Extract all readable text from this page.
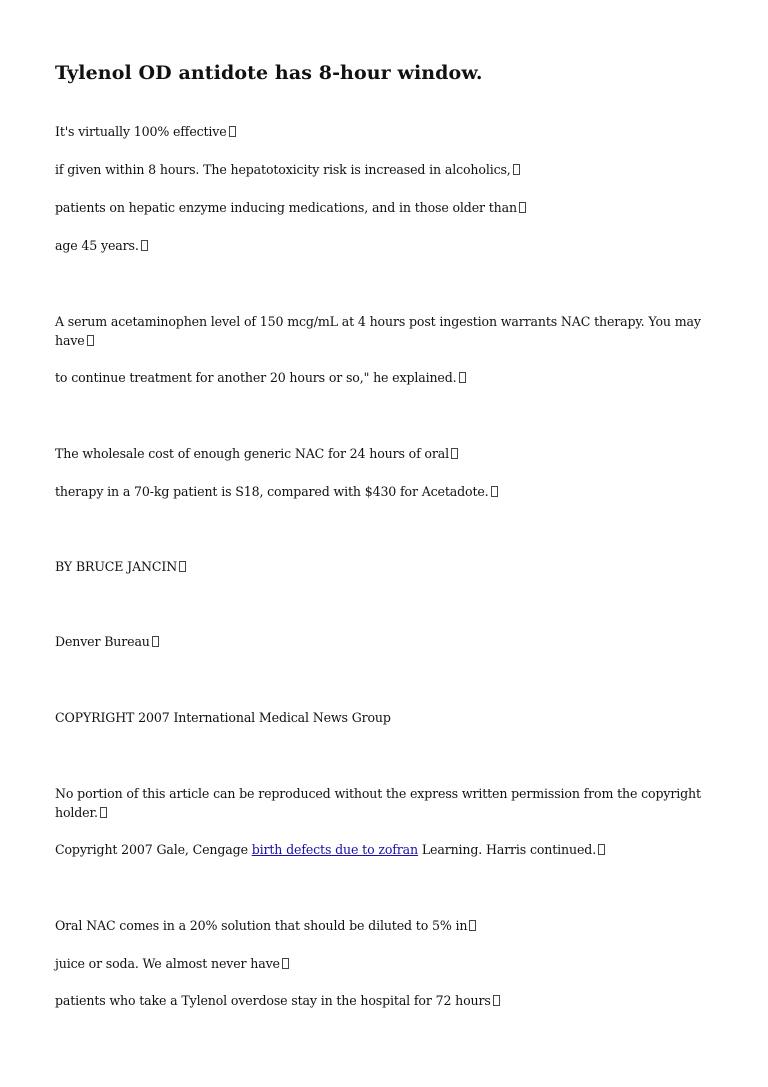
Tylenol OD antidote has 8-hour window.

It's virtually 100% effective

if given within 8 hours. The hepatotoxicity risk is increased in alcoholics,

patients on hepatic enzyme inducing medications, and in those older than

age 45 years.

A serum acetaminophen level of 150 mcg/mL at 4 hours post ingestion warrants NAC therapy. You may have

to continue treatment for another 20 hours or so," he explained.

The wholesale cost of enough generic NAC for 24 hours of oral

therapy in a 70-kg patient is S18, compared with $430 for Acetadote.

BY BRUCE JANCIN

Denver Bureau

COPYRIGHT 2007 International Medical News Group

No portion of this article can be reproduced without the express written permission from the copyright holder.

Copyright 2007 Gale, Cengage birth defects due to zofran Learning. Harris continued.

Oral NAC comes in a 20% solution that should be diluted to 5% in

juice or soda. We almost never have

patients who take a Tylenol overdose stay in the hospital for 72 hours
